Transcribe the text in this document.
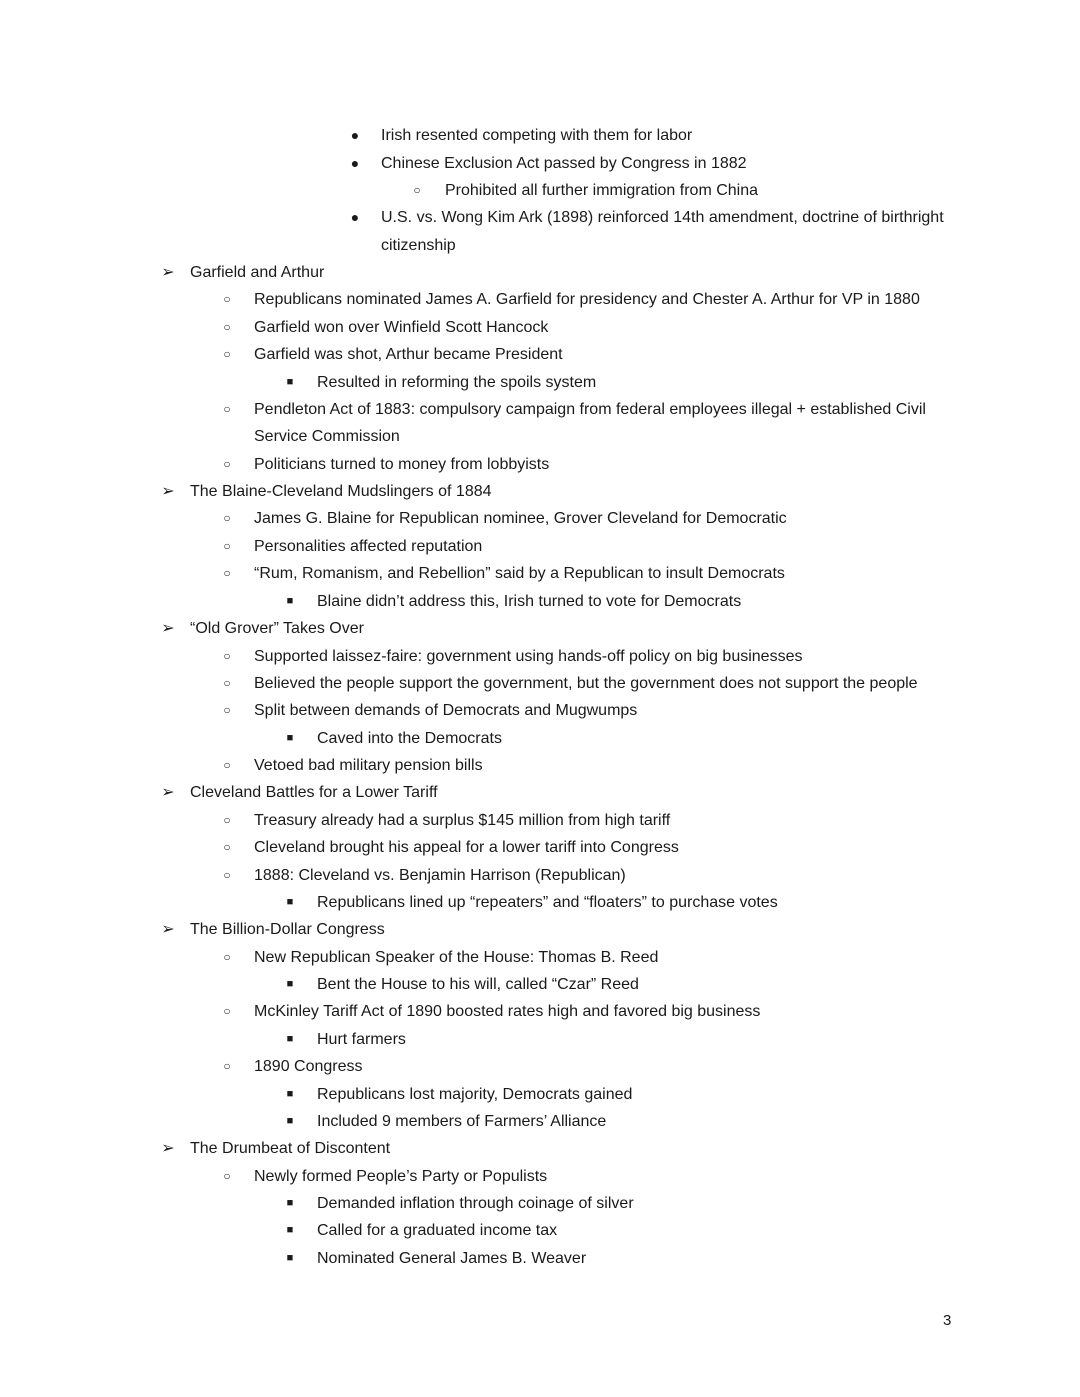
●	Irish resented competing with them for labor
●	Chinese Exclusion Act passed by Congress in 1882
○	Prohibited all further immigration from China
●	U.S. vs. Wong Kim Ark (1898) reinforced 14th amendment, doctrine of birthright
citizenship
➢ Garfield and Arthur
○	Republicans nominated James A. Garfield for presidency and Chester A. Arthur for VP in 1880
○	Garfield won over Winfield Scott Hancock
○	Garfield was shot, Arthur became President
■	Resulted in reforming the spoils system
○	Pendleton Act of 1883: compulsory campaign from federal employees illegal + established Civil
Service Commission
○	Politicians turned to money from lobbyists
➢ The Blaine-Cleveland Mudslingers of 1884
○	James G. Blaine for Republican nominee, Grover Cleveland for Democratic
○	Personalities affected reputation
○	“Rum, Romanism, and Rebellion” said by a Republican to insult Democrats
■	Blaine didn’t address this, Irish turned to vote for Democrats
➢ “Old Grover” Takes Over
○	Supported laissez-faire: government using hands-off policy on big businesses
○	Believed the people support the government, but the government does not support the people
○	Split between demands of Democrats and Mugwumps
■	Caved into the Democrats
○	Vetoed bad military pension bills
➢ Cleveland Battles for a Lower Tariff
○	Treasury already had a surplus $145 million from high tariff
○	Cleveland brought his appeal for a lower tariff into Congress
○	1888: Cleveland vs. Benjamin Harrison (Republican)
■	Republicans lined up “repeaters” and “floaters” to purchase votes
➢ The Billion-Dollar Congress
○	New Republican Speaker of the House: Thomas B. Reed
■	Bent the House to his will, called “Czar” Reed
○	McKinley Tariff Act of 1890 boosted rates high and favored big business
■	Hurt farmers
○	1890 Congress
■	Republicans lost majority, Democrats gained
■	Included 9 members of Farmers’ Alliance
➢ The Drumbeat of Discontent
○	Newly formed People’s Party or Populists
■	Demanded inflation through coinage of silver
■	Called for a graduated income tax
■	Nominated General James B. Weaver
3
